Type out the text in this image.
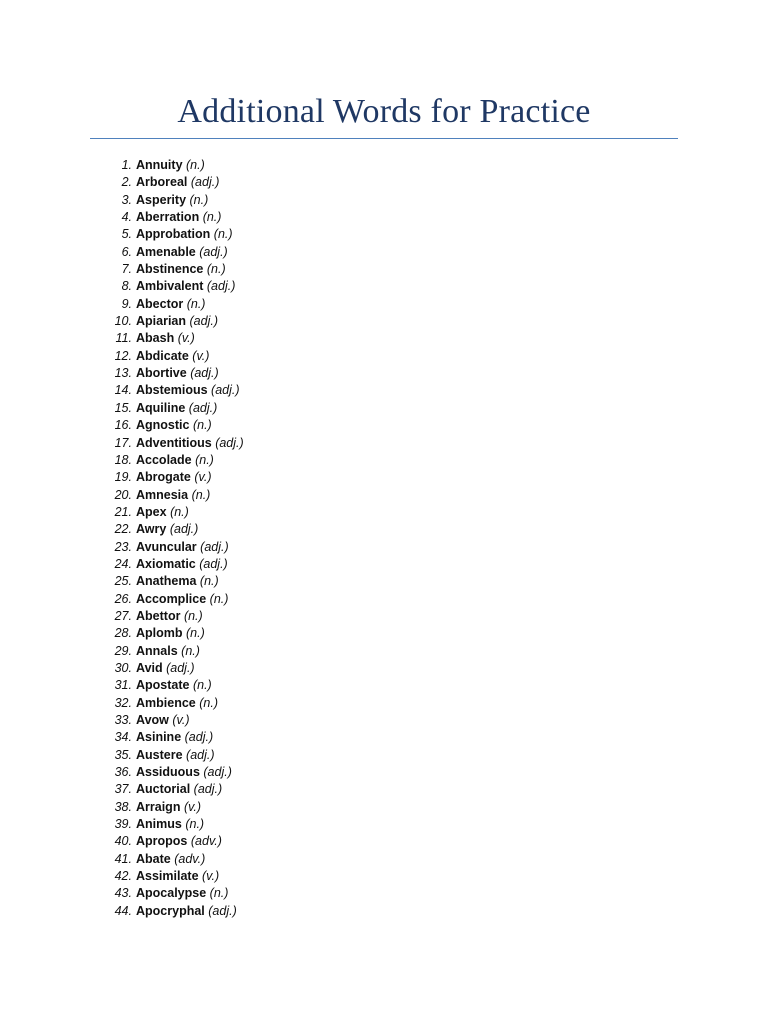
Additional Words for Practice
1. Annuity (n.)
2. Arboreal (adj.)
3. Asperity (n.)
4. Aberration (n.)
5. Approbation (n.)
6. Amenable (adj.)
7. Abstinence (n.)
8. Ambivalent (adj.)
9. Abector (n.)
10. Apiarian (adj.)
11. Abash (v.)
12. Abdicate (v.)
13. Abortive (adj.)
14. Abstemious (adj.)
15. Aquiline (adj.)
16. Agnostic (n.)
17. Adventitious (adj.)
18. Accolade (n.)
19. Abrogate (v.)
20. Amnesia (n.)
21. Apex (n.)
22. Awry (adj.)
23. Avuncular (adj.)
24. Axiomatic (adj.)
25. Anathema (n.)
26. Accomplice (n.)
27. Abettor (n.)
28. Aplomb (n.)
29. Annals (n.)
30. Avid (adj.)
31. Apostate (n.)
32. Ambience (n.)
33. Avow (v.)
34. Asinine (adj.)
35. Austere (adj.)
36. Assiduous (adj.)
37. Auctorial (adj.)
38. Arraign (v.)
39. Animus (n.)
40. Apropos (adv.)
41. Abate (adv.)
42. Assimilate (v.)
43. Apocalypse (n.)
44. Apocryphal (adj.)
